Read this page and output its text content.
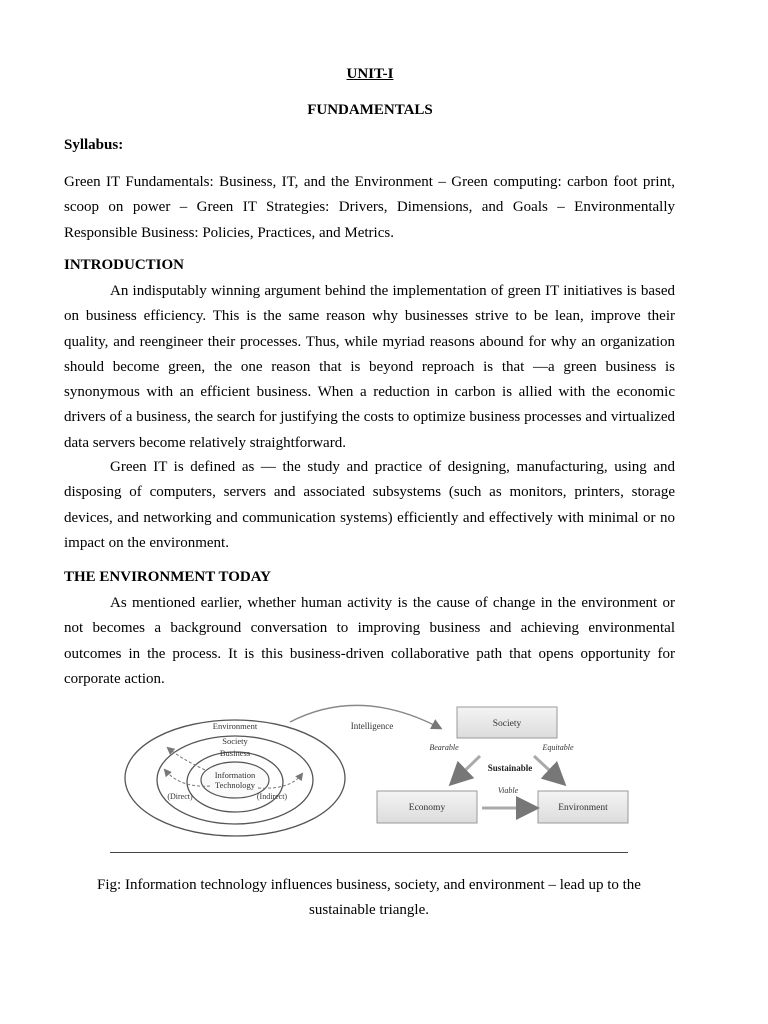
UNIT-I
FUNDAMENTALS
Syllabus:
Green IT Fundamentals: Business, IT, and the Environment – Green computing: carbon foot print, scoop on power – Green IT Strategies: Drivers, Dimensions, and Goals – Environmentally Responsible Business: Policies, Practices, and Metrics.
INTRODUCTION
An indisputably winning argument behind the implementation of green IT initiatives is based on business efficiency. This is the same reason why businesses strive to be lean, improve their quality, and reengineer their processes. Thus, while myriad reasons abound for why an organization should become green, the one reason that is beyond reproach is that —a green business is synonymous with an efficient business. When a reduction in carbon is allied with the economic drivers of a business, the search for justifying the costs to optimize business processes and virtualized data servers become relatively straightforward.
Green IT is defined as — the study and practice of designing, manufacturing, using and disposing of computers, servers and associated subsystems (such as monitors, printers, storage devices, and networking and communication systems) efficiently and effectively with minimal or no impact on the environment.
THE ENVIRONMENT TODAY
As mentioned earlier, whether human activity is the cause of change in the environment or not becomes a background conversation to improving business and achieving environmental outcomes in the process. It is this business-driven collaborative path that opens opportunity for corporate action.
Environment
Society
Business
Information
Technology
(Direct)	(Indirect)
Intelligence	Society
Economy	Environment
Bearable	Equitable
Sustainable
Viable
Fig: Information technology influences business, society, and environment – lead up to the sustainable triangle.
